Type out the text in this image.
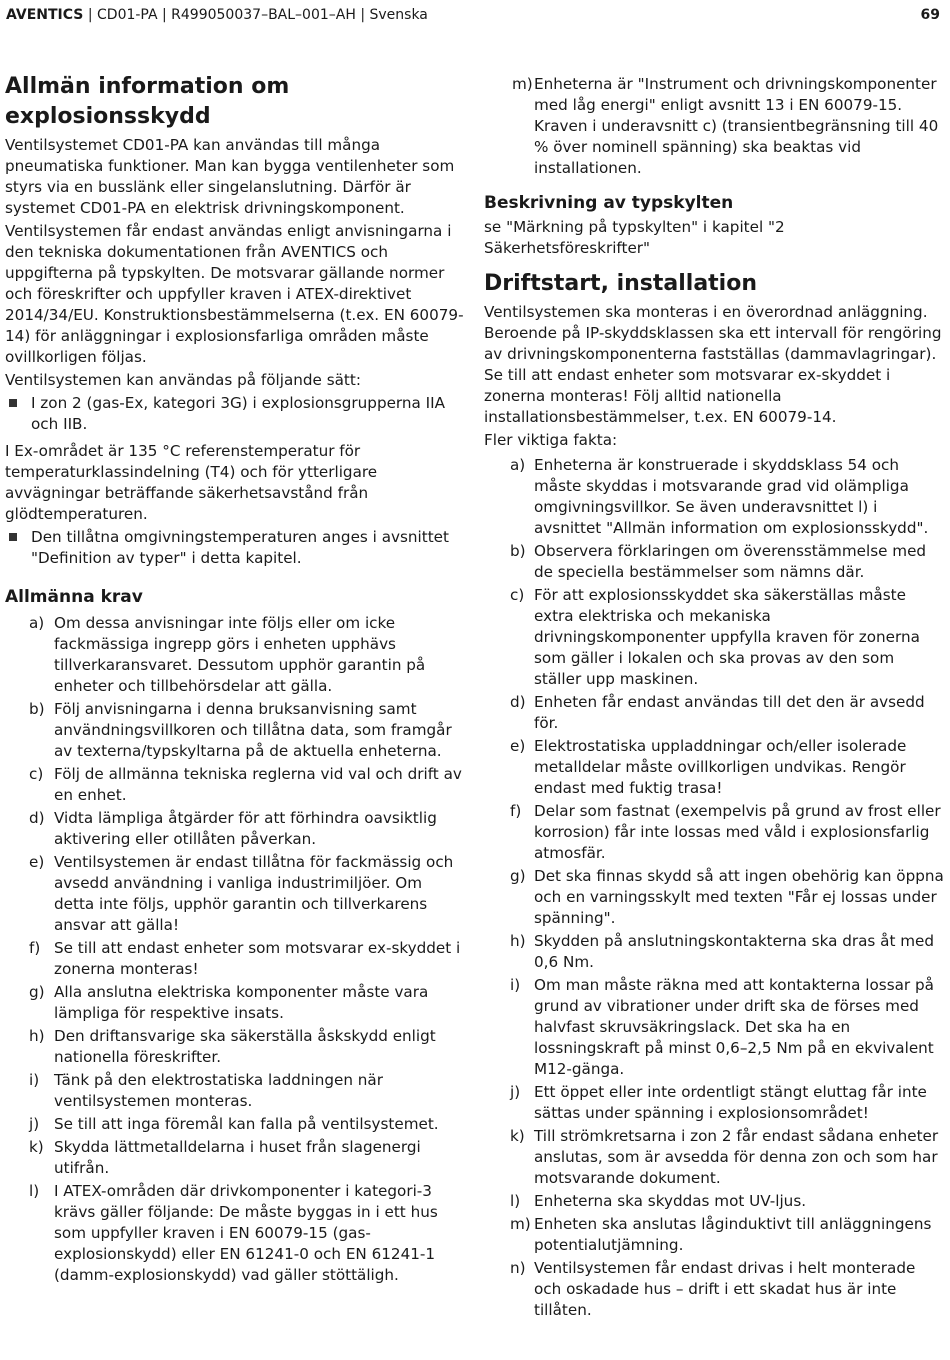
AVENTICS | CD01-PA | R499050037–BAL–001–AH | Svenska	69
Allmän information om explosionsskydd

Ventilsystemet CD01-PA kan användas till många pneumatiska funktioner. Man kan bygga ventilenheter som styrs via en busslänk eller singelanslutning. Därför är systemet CD01-PA en elektrisk drivningskomponent.

Ventilsystemen får endast användas enligt anvisningarna i den tekniska dokumentationen från AVENTICS och uppgifterna på typskylten. De motsvarar gällande normer och föreskrifter och uppfyller kraven i ATEX-direktivet 2014/34/EU. Konstruktionsbestämmelserna (t.ex. EN 60079-14) för anläggningar i explosionsfarliga områden måste ovillkorligen följas.

Ventilsystemen kan användas på följande sätt:

I zon 2 (gas-Ex, kategori 3G) i explosionsgrupperna IIA och IIB.

I Ex-området är 135 °C referenstemperatur för temperaturklassindelning (T4) och för ytterligare avvägningar beträffande säkerhetsavstånd från glödtemperaturen.

Den tillåtna omgivningstemperaturen anges i avsnittet "Definition av typer" i detta kapitel.
Allmänna krav
a) Om dessa anvisningar inte följs eller om icke fackmässiga ingrepp görs i enheten upphävs tillverkaransvaret. Dessutom upphör garantin på enheter och tillbehörsdelar att gälla.
b) Följ anvisningarna i denna bruksanvisning samt användningsvillkoren och tillåtna data, som framgår av texterna/typskyltarna på de aktuella enheterna.
c) Följ de allmänna tekniska reglerna vid val och drift av en enhet.
d) Vidta lämpliga åtgärder för att förhindra oavsiktlig aktivering eller otillåten påverkan.
e) Ventilsystemen är endast tillåtna för fackmässig och avsedd användning i vanliga industrimiljöer. Om detta inte följs, upphör garantin och tillverkarens ansvar att gälla!
f) Se till att endast enheter som motsvarar ex-skyddet i zonerna monteras!
g) Alla anslutna elektriska komponenter måste vara lämpliga för respektive insats.
h) Den driftansvarige ska säkerställa åskskydd enligt nationella föreskrifter.
i) Tänk på den elektrostatiska laddningen när ventilsystemen monteras.
j) Se till att inga föremål kan falla på ventilsystemet.
k) Skydda lättmetalldelarna i huset från slagenergi utifrån.
l) I ATEX-områden där drivkomponenter i kategori-3 krävs gäller följande: De måste byggas in i ett hus som uppfyller kraven i EN 60079-15 (gas-explosionskydd) eller EN 61241-0 och EN 61241-1 (damm-explosionskydd) vad gäller stöttäligh.
m) Enheterna är "Instrument och drivningskomponenter med låg energi" enligt avsnitt 13 i EN 60079-15. Kraven i underavsnitt c) (transientbegränsning till 40 % över nominell spänning) ska beaktas vid installationen.
Beskrivning av typskylten

se "Märkning på typskylten" i kapitel "2 Säkerhetsföreskrifter"

Driftstart, installation

Ventilsystemen ska monteras i en överordnad anläggning. Beroende på IP-skyddsklassen ska ett intervall för rengöring av drivningskomponenterna fastställas (dammavlagringar). Se till att endast enheter som motsvarar ex-skyddet i zonerna monteras! Följ alltid nationella installationsbestämmelser, t.ex. EN 60079-14.

Fler viktiga fakta:

a) Enheterna är konstruerade i skyddsklass 54 och måste skyddas i motsvarande grad vid olämpliga omgivningsvillkor. Se även underavsnittet l) i avsnittet "Allmän information om explosionsskydd".
b) Observera förklaringen om överensstämmelse med de speciella bestämmelser som nämns där.
c) För att explosionsskyddet ska säkerställas måste extra elektriska och mekaniska drivningskomponenter uppfylla kraven för zonerna som gäller i lokalen och ska provas av den som ställer upp maskinen.
d) Enheten får endast användas till det den är avsedd för.
e) Elektrostatiska uppladdningar och/eller isolerade metalldelar måste ovillkorligen undvikas. Rengör endast med fuktig trasa!
f) Delar som fastnat (exempelvis på grund av frost eller korrosion) får inte lossas med våld i explosionsfarlig atmosfär.
g) Det ska finnas skydd så att ingen obehörig kan öppna och en varningsskylt med texten "Får ej lossas under spänning".
h) Skydden på anslutningskontakterna ska dras åt med 0,6 Nm.
i) Om man måste räkna med att kontakterna lossar på grund av vibrationer under drift ska de förses med halvfast skruvsäkringslack. Det ska ha en lossningskraft på minst 0,6–2,5 Nm på en ekvivalent M12-gänga.
j) Ett öppet eller inte ordentligt stängt eluttag får inte sättas under spänning i explosionsområdet!
k) Till strömkretsarna i zon 2 får endast sådana enheter anslutas, som är avsedda för denna zon och som har motsvarande dokument.
l) Enheterna ska skyddas mot UV-ljus.
m) Enheten ska anslutas låginduktivt till anläggningens potentialutjämning.
n) Ventilsystemen får endast drivas i helt monterade och oskadade hus – drift i ett skadat hus är inte tillåten.
